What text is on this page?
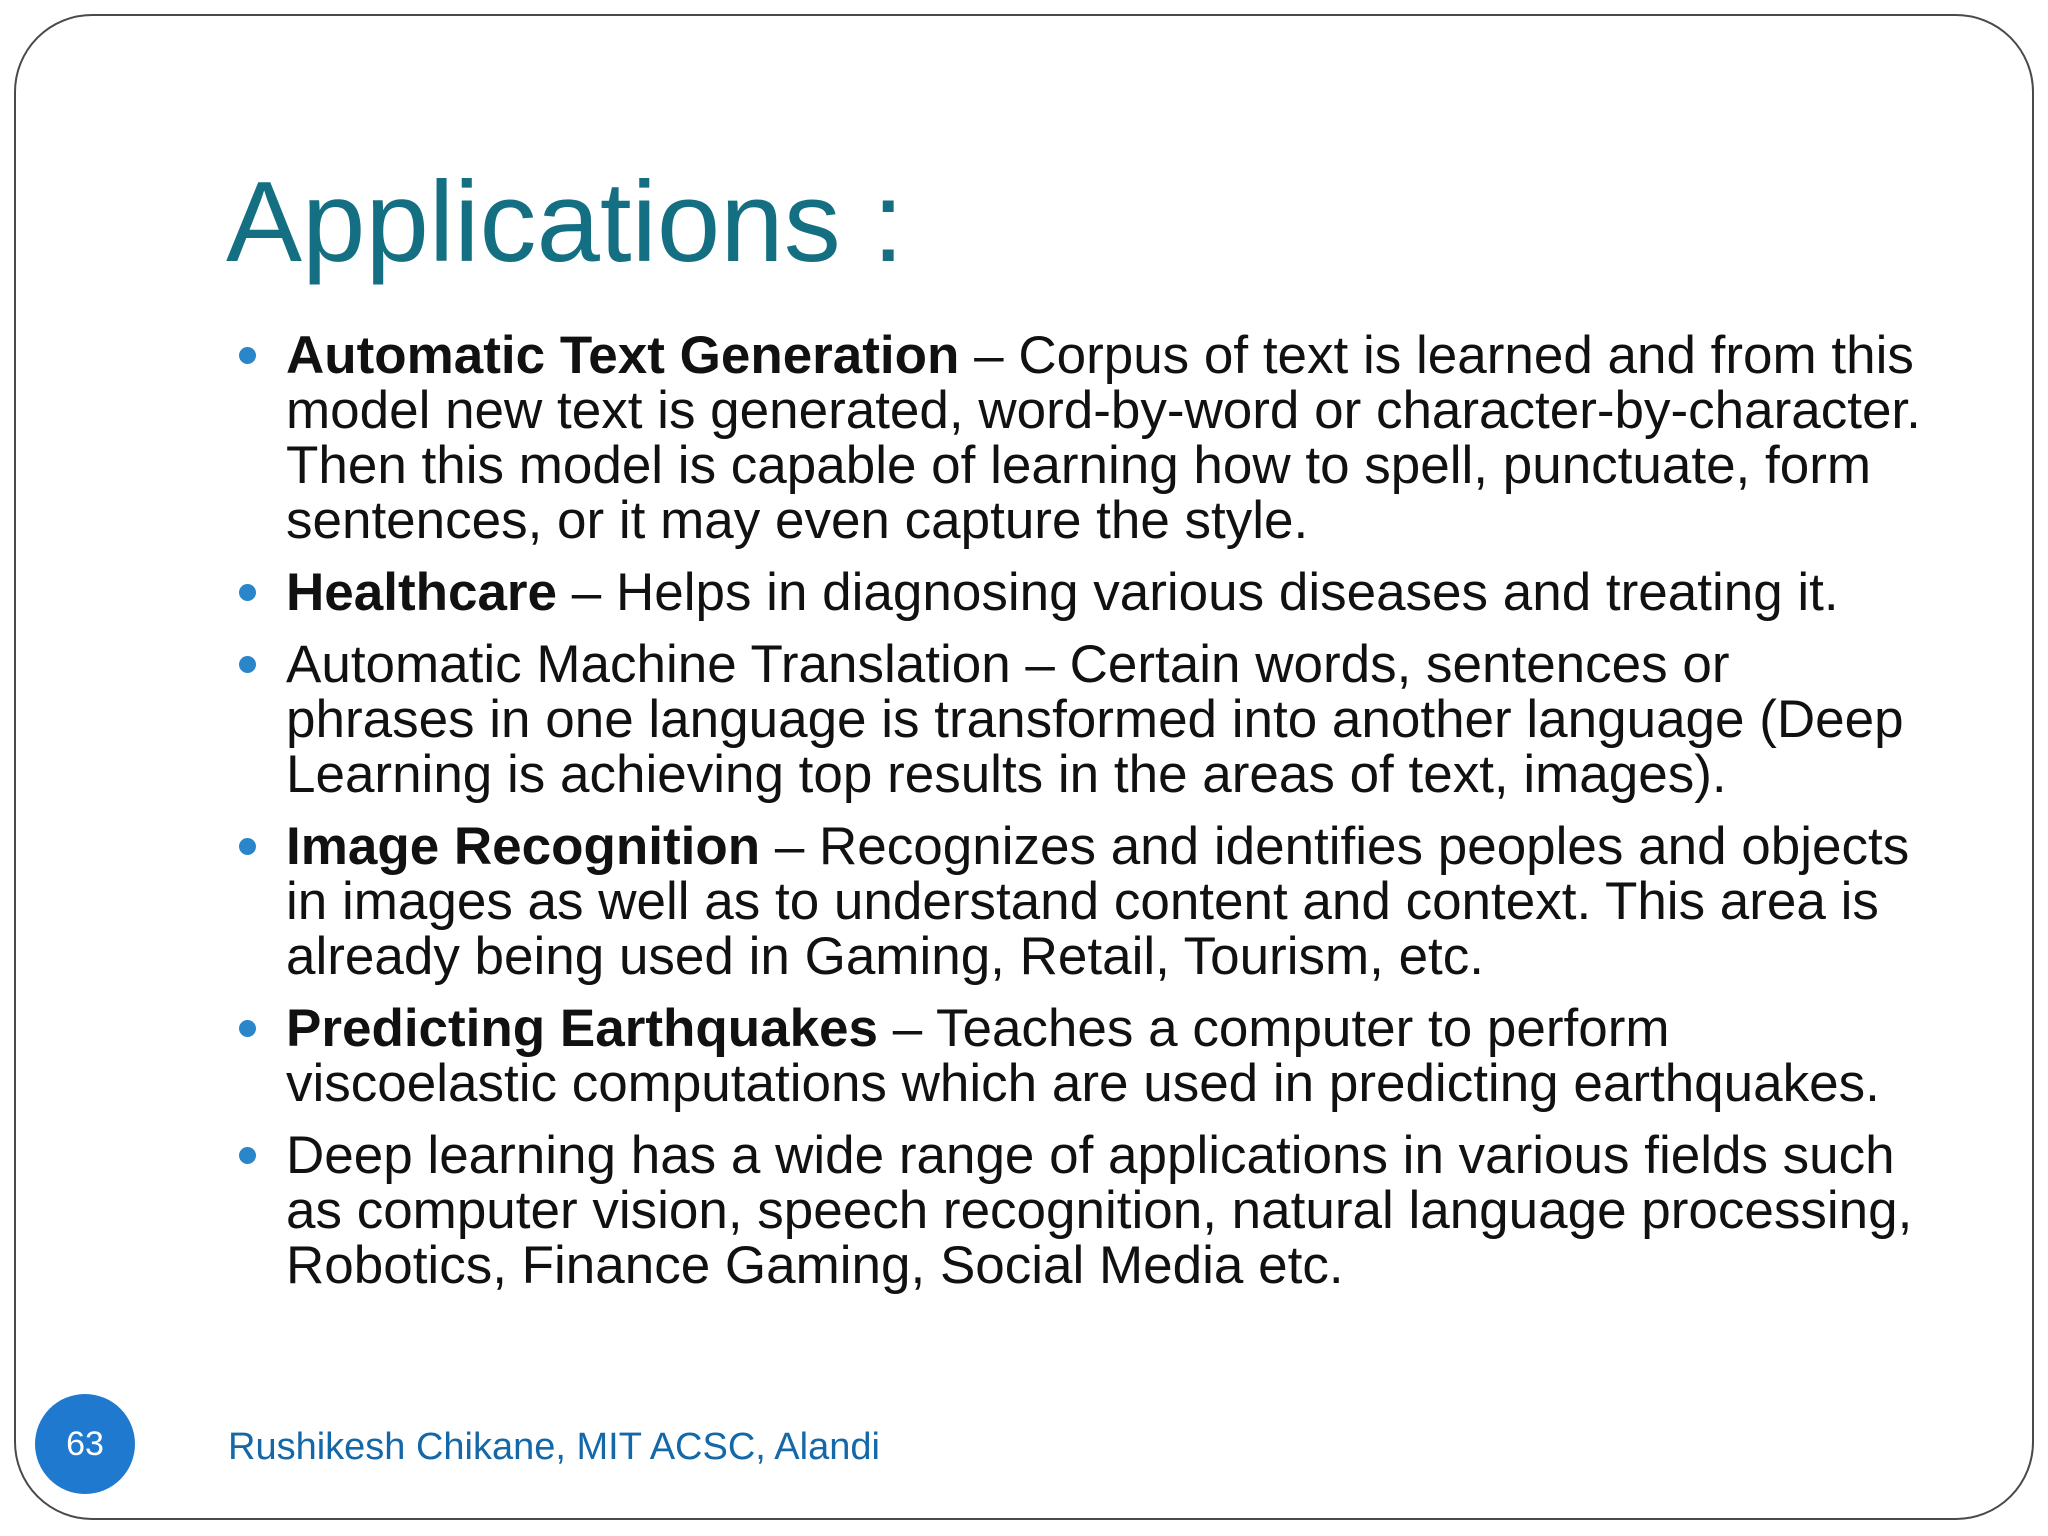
Applications :
Automatic Text Generation – Corpus of text is learned and from this model new text is generated, word-by-word or character-by-character. Then this model is capable of learning how to spell, punctuate, form sentences, or it may even capture the style.
Healthcare – Helps in diagnosing various diseases and treating it.
Automatic Machine Translation – Certain words, sentences or phrases in one language is transformed into another language (Deep Learning is achieving top results in the areas of text, images).
Image Recognition – Recognizes and identifies peoples and objects in images as well as to understand content and context. This area is already being used in Gaming, Retail, Tourism, etc.
Predicting Earthquakes – Teaches a computer to perform viscoelastic computations which are used in predicting earthquakes.
Deep learning has a wide range of applications in various fields such as computer vision, speech recognition, natural language processing, Robotics, Finance Gaming, Social Media etc.
63	Rushikesh Chikane, MIT ACSC, Alandi
